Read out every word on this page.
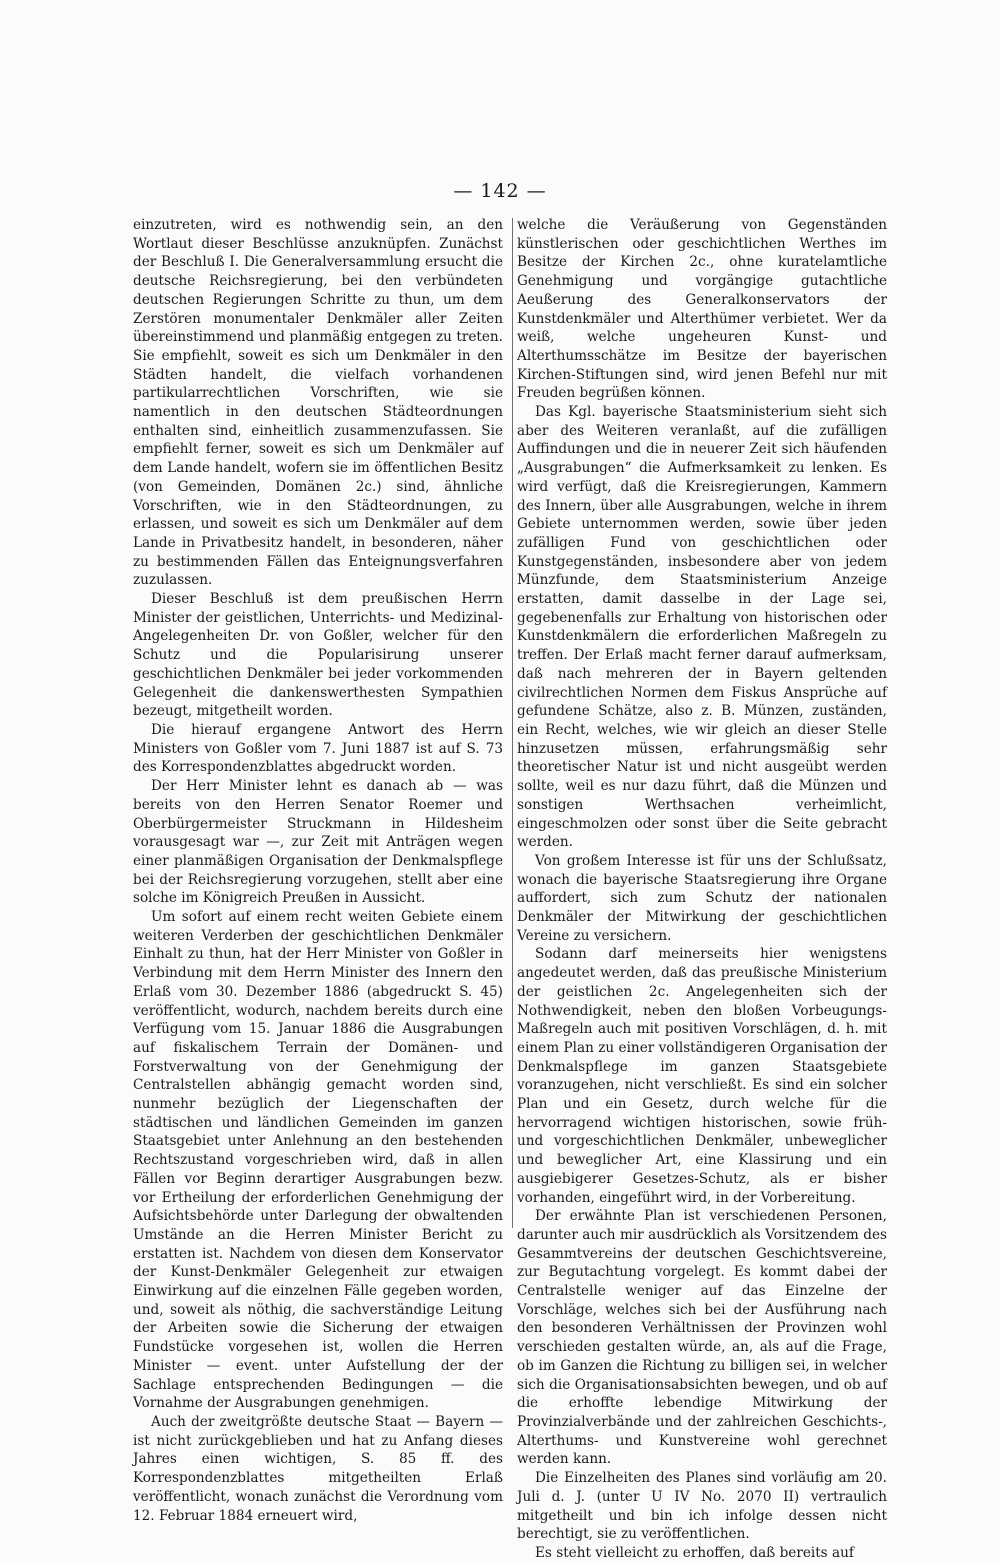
— 142 —

einzutreten, wird es nothwendig sein, an den Wortlaut dieser Beschlüsse anzuknüpfen. Zunächst der Beschluß I. Die Generalversammlung ersucht die deutsche Reichsregierung, bei den verbündeten deutschen Regierungen Schritte zu thun, um dem Zerstören monumentaler Denkmäler aller Zeiten übereinstimmend und planmäßig entgegen zu treten. Sie empfiehlt, soweit es sich um Denkmäler in den Städten handelt, die vielfach vorhandenen partikularrechtlichen Vorschriften, wie sie namentlich in den deutschen Städteordnungen enthalten sind, einheitlich zusammenzufassen. Sie empfiehlt ferner, soweit es sich um Denkmäler auf dem Lande handelt, wofern sie im öffentlichen Besitz (von Gemeinden, Domänen 2c.) sind, ähnliche Vorschriften, wie in den Städteordnungen, zu erlassen, und soweit es sich um Denkmäler auf dem Lande in Privatbesitz handelt, in besonderen, näher zu bestimmenden Fällen das Enteignungsverfahren zuzulassen.

Dieser Beschluß ist dem preußischen Herrn Minister der geistlichen, Unterrichts- und Medizinal-Angelegenheiten Dr. von Goßler, welcher für den Schutz und die Popularisirung unserer geschichtlichen Denkmäler bei jeder vorkommenden Gelegenheit die dankenswerthesten Sympathien bezeugt, mitgetheilt worden.

Die hierauf ergangene Antwort des Herrn Ministers von Goßler vom 7. Juni 1887 ist auf S. 73 des Korrespondenzblattes abgedruckt worden.

Der Herr Minister lehnt es danach ab — was bereits von den Herren Senator Roemer und Oberbürgermeister Struckmann in Hildesheim vorausgesagt war —, zur Zeit mit Anträgen wegen einer planmäßigen Organisation der Denkmalspflege bei der Reichsregierung vorzugehen, stellt aber eine solche im Königreich Preußen in Aussicht.

Um sofort auf einem recht weiten Gebiete einem weiteren Verderben der geschichtlichen Denkmäler Einhalt zu thun, hat der Herr Minister von Goßler in Verbindung mit dem Herrn Minister des Innern den Erlaß vom 30. Dezember 1886 (abgedruckt S. 45) veröffentlicht, wodurch, nachdem bereits durch eine Verfügung vom 15. Januar 1886 die Ausgrabungen auf fiskalischem Terrain der Domänen- und Forstverwaltung von der Genehmigung der Centralstellen abhängig gemacht worden sind, nunmehr bezüglich der Liegenschaften der städtischen und ländlichen Gemeinden im ganzen Staatsgebiet unter Anlehnung an den bestehenden Rechtszustand vorgeschrieben wird, daß in allen Fällen vor Beginn derartiger Ausgrabungen bezw. vor Ertheilung der erforderlichen Genehmigung der Aufsichtsbehörde unter Darlegung der obwaltenden Umstände an die Herren Minister Bericht zu erstatten ist. Nachdem von diesen dem Konservator der Kunst-Denkmäler Gelegenheit zur etwaigen Einwirkung auf die einzelnen Fälle gegeben worden, und, soweit als nöthig, die sachverständige Leitung der Arbeiten sowie die Sicherung der etwaigen Fundstücke vorgesehen ist, wollen die Herren Minister — event. unter Aufstellung der der Sachlage entsprechenden Bedingungen — die Vornahme der Ausgrabungen genehmigen.

Auch der zweitgrößte deutsche Staat — Bayern — ist nicht zurückgeblieben und hat zu Anfang dieses Jahres einen wichtigen, S. 85 ff. des Korrespondenzblattes mitgetheilten Erlaß veröffentlicht, wonach zunächst die Verordnung vom 12. Februar 1884 erneuert wird,

welche die Veräußerung von Gegenständen künstlerischen oder geschichtlichen Werthes im Besitze der Kirchen 2c., ohne kuratelamtliche Genehmigung und vorgängige gutachtliche Aeußerung des Generalkonservators der Kunstdenkmäler und Alterthümer verbietet. Wer da weiß, welche ungeheuren Kunst- und Alterthumsschätze im Besitze der bayerischen Kirchen-Stiftungen sind, wird jenen Befehl nur mit Freuden begrüßen können.

Das Kgl. bayerische Staatsministerium sieht sich aber des Weiteren veranlaßt, auf die zufälligen Auffindungen und die in neuerer Zeit sich häufenden „Ausgrabungen“ die Aufmerksamkeit zu lenken. Es wird verfügt, daß die Kreisregierungen, Kammern des Innern, über alle Ausgrabungen, welche in ihrem Gebiete unternommen werden, sowie über jeden zufälligen Fund von geschichtlichen oder Kunstgegenständen, insbesondere aber von jedem Münzfunde, dem Staatsministerium Anzeige erstatten, damit dasselbe in der Lage sei, gegebenenfalls zur Erhaltung von historischen oder Kunstdenkmälern die erforderlichen Maßregeln zu treffen. Der Erlaß macht ferner darauf aufmerksam, daß nach mehreren der in Bayern geltenden civilrechtlichen Normen dem Fiskus Ansprüche auf gefundene Schätze, also z. B. Münzen, zuständen, ein Recht, welches, wie wir gleich an dieser Stelle hinzusetzen müssen, erfahrungsmäßig sehr theoretischer Natur ist und nicht ausgeübt werden sollte, weil es nur dazu führt, daß die Münzen und sonstigen Werthsachen verheimlicht, eingeschmolzen oder sonst über die Seite gebracht werden.

Von großem Interesse ist für uns der Schlußsatz, wonach die bayerische Staatsregierung ihre Organe auffordert, sich zum Schutz der nationalen Denkmäler der Mitwirkung der geschichtlichen Vereine zu versichern.

Sodann darf meinerseits hier wenigstens angedeutet werden, daß das preußische Ministerium der geistlichen 2c. Angelegenheiten sich der Nothwendigkeit, neben den bloßen Vorbeugungs-Maßregeln auch mit positiven Vorschlägen, d. h. mit einem Plan zu einer vollständigeren Organisation der Denkmalspflege im ganzen Staatsgebiete voranzugehen, nicht verschließt. Es sind ein solcher Plan und ein Gesetz, durch welche für die hervorragend wichtigen historischen, sowie früh- und vorgeschichtlichen Denkmäler, unbeweglicher und beweglicher Art, eine Klassirung und ein ausgiebigerer Gesetzes-Schutz, als er bisher vorhanden, eingeführt wird, in der Vorbereitung.

Der erwähnte Plan ist verschiedenen Personen, darunter auch mir ausdrücklich als Vorsitzendem des Gesammtvereins der deutschen Geschichtsvereine, zur Begutachtung vorgelegt. Es kommt dabei der Centralstelle weniger auf das Einzelne der Vorschläge, welches sich bei der Ausführung nach den besonderen Verhältnissen der Provinzen wohl verschieden gestalten würde, an, als auf die Frage, ob im Ganzen die Richtung zu billigen sei, in welcher sich die Organisationsabsichten bewegen, und ob auf die erhoffte lebendige Mitwirkung der Provinzialverbände und der zahlreichen Geschichts-, Alterthums- und Kunstvereine wohl gerechnet werden kann.

Die Einzelheiten des Planes sind vorläufig am 20. Juli d. J. (unter U IV No. 2070 II) vertraulich mitgetheilt und bin ich infolge dessen nicht berechtigt, sie zu veröffentlichen.

Es steht vielleicht zu erhoffen, daß bereits auf
